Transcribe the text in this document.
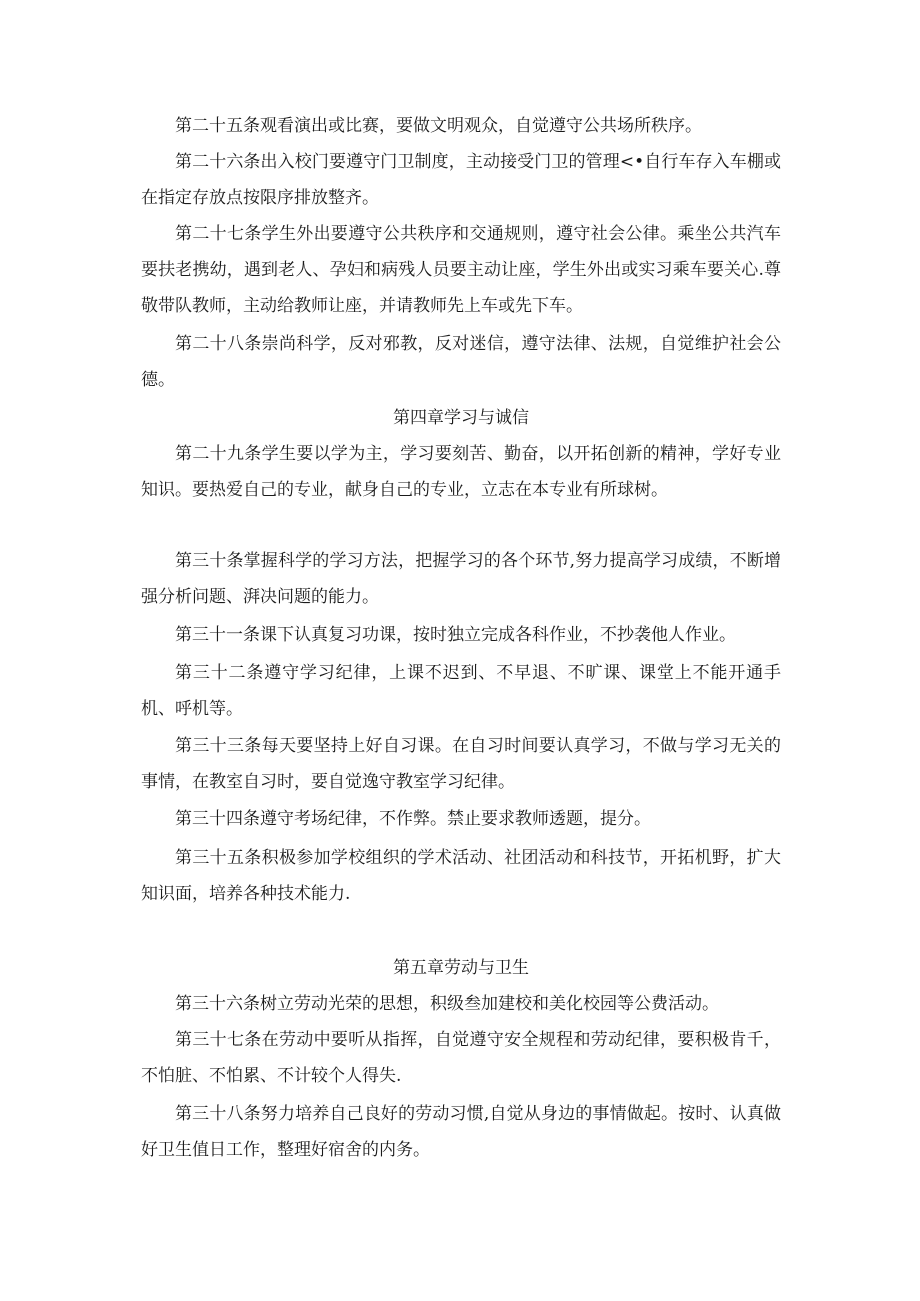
第二十五条观看演出或比赛，要做文明观众，自觉遵守公共场所秩序。

第二十六条出入校门要遵守门卫制度，主动接受门卫的管理<•自行车存入车棚或在指定存放点按限序排放整齐。

第二十七条学生外出要遵守公共秩序和交通规则，遵守社会公律。乘坐公共汽车要扶老携幼，遇到老人、孕妇和病残人员要主动让座，学生外出或实习乘车要关心.尊敬带队教师，主动给教师让座，并请教师先上车或先下车。

第二十八条崇尚科学，反对邪教，反对迷信，遵守法律、法规，自觉维护社会公德。

第四章学习与诚信

第二十九条学生要以学为主，学习要刻苦、勤奋，以开拓创新的精神，学好专业知识。要热爱自己的专业，献身自己的专业，立志在本专业有所球树。

第三十条掌握科学的学习方法，把握学习的各个环节,努力提高学习成绩，不断增强分析问题、湃决问题的能力。

第三十一条课下认真复习功课，按时独立完成各科作业，不抄袭他人作业。

第三十二条遵守学习纪律，上课不迟到、不早退、不旷课、课堂上不能开通手机、呼机等。

第三十三条每天要坚持上好自习课。在自习时间要认真学习，不做与学习无关的事情，在教室自习时，要自觉逸守教室学习纪律。

第三十四条遵守考场纪律，不作弊。禁止要求教师透题，提分。

第三十五条积极参加学校组织的学术活动、社团活动和科技节，开拓机野，扩大知识面，培养各种技术能力.

第五章劳动与卫生

第三十六条树立劳动光荣的思想，积级叁加建校和美化校园等公费活动。

第三十七条在劳动中要听从指挥，自觉遵守安全规程和劳动纪律，要积极肯千，不怕脏、不怕累、不计较个人得失.

第三十八条努力培养自己良好的劳动习惯,自觉从身边的事情做起。按时、认真做好卫生值日工作，整理好宿舍的内务。
